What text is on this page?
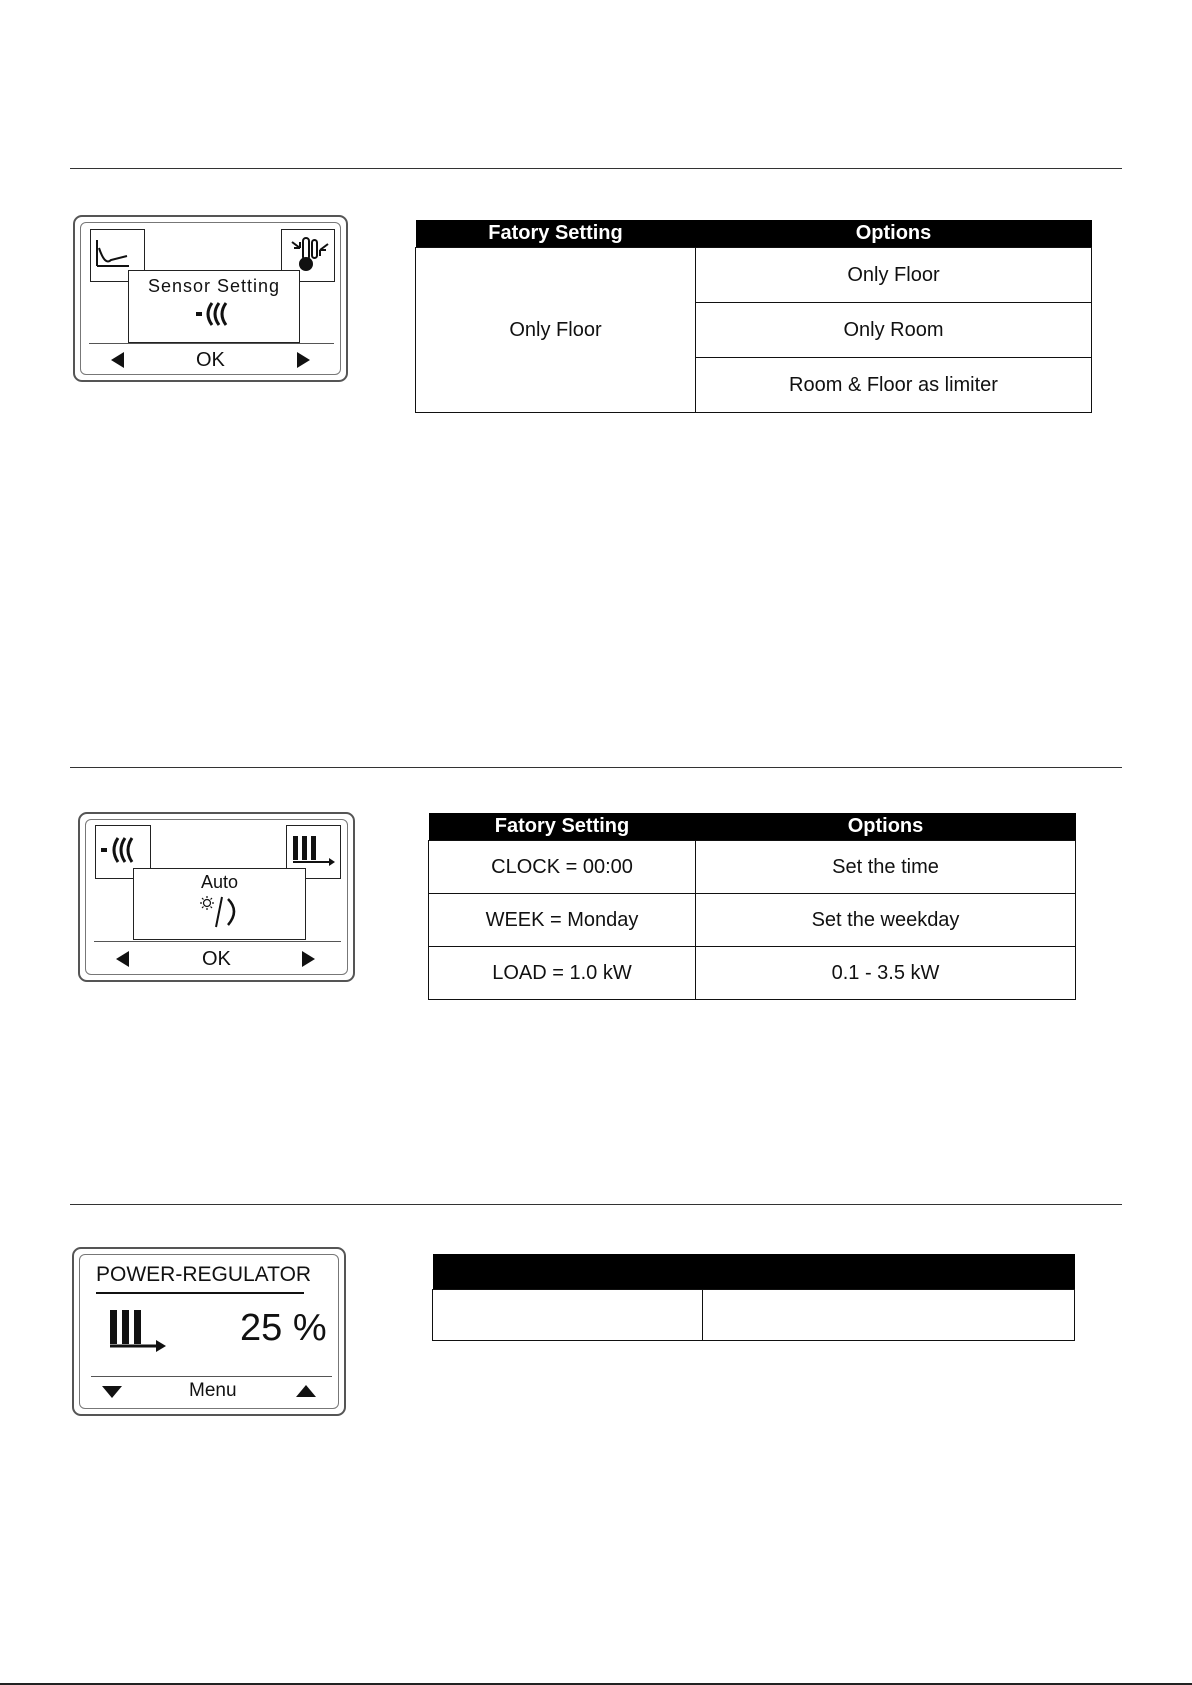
Sensor Setting
OK
Fatory Setting	Options
Only Floor	Only Floor
	Only Room
	Room & Floor as limiter
Auto
OK
Fatory Setting	Options
CLOCK = 00:00	Set the time
WEEK = Monday	Set the weekday
LOAD = 1.0 kW	0.1 - 3.5 kW
POWER-REGULATOR
25 %
Menu
